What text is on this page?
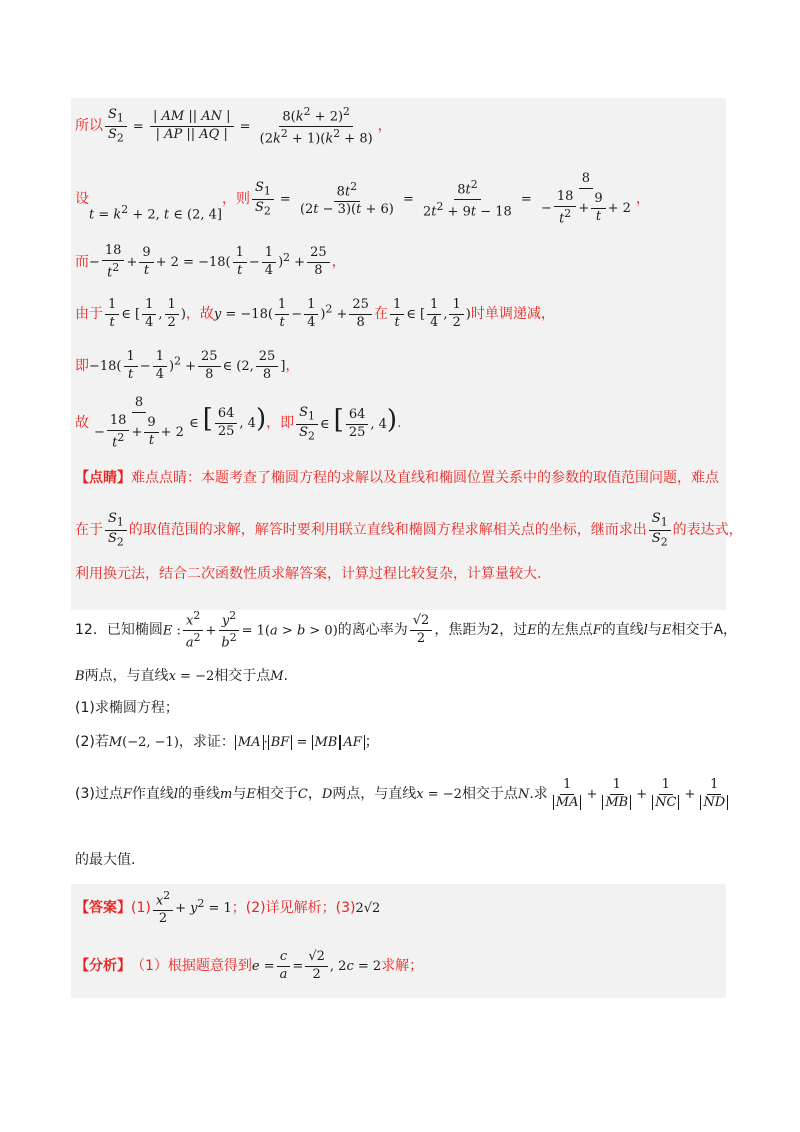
所以 $\frac{S_1}{S_2} = \frac{| AM || AN |}{| AP || AQ |} = \frac{8(k^2 + 2)^2}{(2k^2 + 1)(k^2 + 8)}$ ，
设
$t = k^2 + 2$, t ∈ (2, 4]
，则 $\frac{S_1}{S_2} = \frac{8t^2}{(2t - 3)(t + 6)} = \frac{8t^2}{2t^2 + 9t - 18} = \frac{8}{- \frac{18}{t^2} + \frac{9}{t} + 2}$ ，
而 − $\frac{18}{t^2} + \frac{9}{t} + 2 = -18( \frac{1}{t} - \frac{1}{4} )^2 + \frac{25}{8}$ ，
由于 $\frac{1}{t}$ ∈ [ $\frac{1}{4}$ , $\frac{1}{2}$ ) ，故 $y = -18( \frac{1}{t} - \frac{1}{4} )^2 + \frac{25}{8}$ 在 $\frac{1}{t}$ ∈ [ $\frac{1}{4}$ , $\frac{1}{2}$ ) 时单调递减，
即 $-18( \frac{1}{t} - \frac{1}{4} )^2 + \frac{25}{8}$ ∈ (2, $\frac{25}{8}$ ] ，
故 $\frac{8}{- \frac{18}{t^2} + \frac{9}{t} + 2}$ ∈ [ $\frac{64}{25}$ , 4) ，即 $\frac{S_1}{S_2}$ ∈ [ $\frac{64}{25}$ , 4) .
【点睛】 难点点睛：本题考查了椭圆方程的求解以及直线和椭圆位置关系中的参数的取值范围问题，难点
在于 $\frac{S_1}{S_2}$ 的取值范围的求解，解答时要利用联立直线和椭圆方程求解相关点的坐标，继而求出 $\frac{S_1}{S_2}$ 的表达式，
利用换元法，结合二次函数性质求解答案，计算过程比较复杂，计算量较大.
12． 已知椭圆 E : $\frac{x^2}{a^2} + \frac{y^2}{b^2} = 1(a > b > 0)$ 的离心率为 $\frac{√2}{2}$ ，焦距为2，过 E 的左焦点 F 的直线 l 与 E 相交于A，
B 两点，与直线 x = −2 相交于点 M .
(1)求椭圆方程；
(2)若 M(−2, −1) ，求证： MA · BF = MB AF ；
(3)过点 F 作直线 l 的垂线 m 与 E 相交于 C ， D 两点，与直线 x = −2 相交于点 N .求 $\frac{1}{MA} + \frac{1}{MB} + \frac{1}{NC} + \frac{1}{ND}$
的最大值.
【答案】 $(1) \frac{x^2}{2} + y^2 = 1$ ；(2)详见解析；(3) 2√2
【分析】 （1）根据题意得到 $e = \frac{c}{a} = \frac{√2}{2}$ , 2c = 2 求解；
